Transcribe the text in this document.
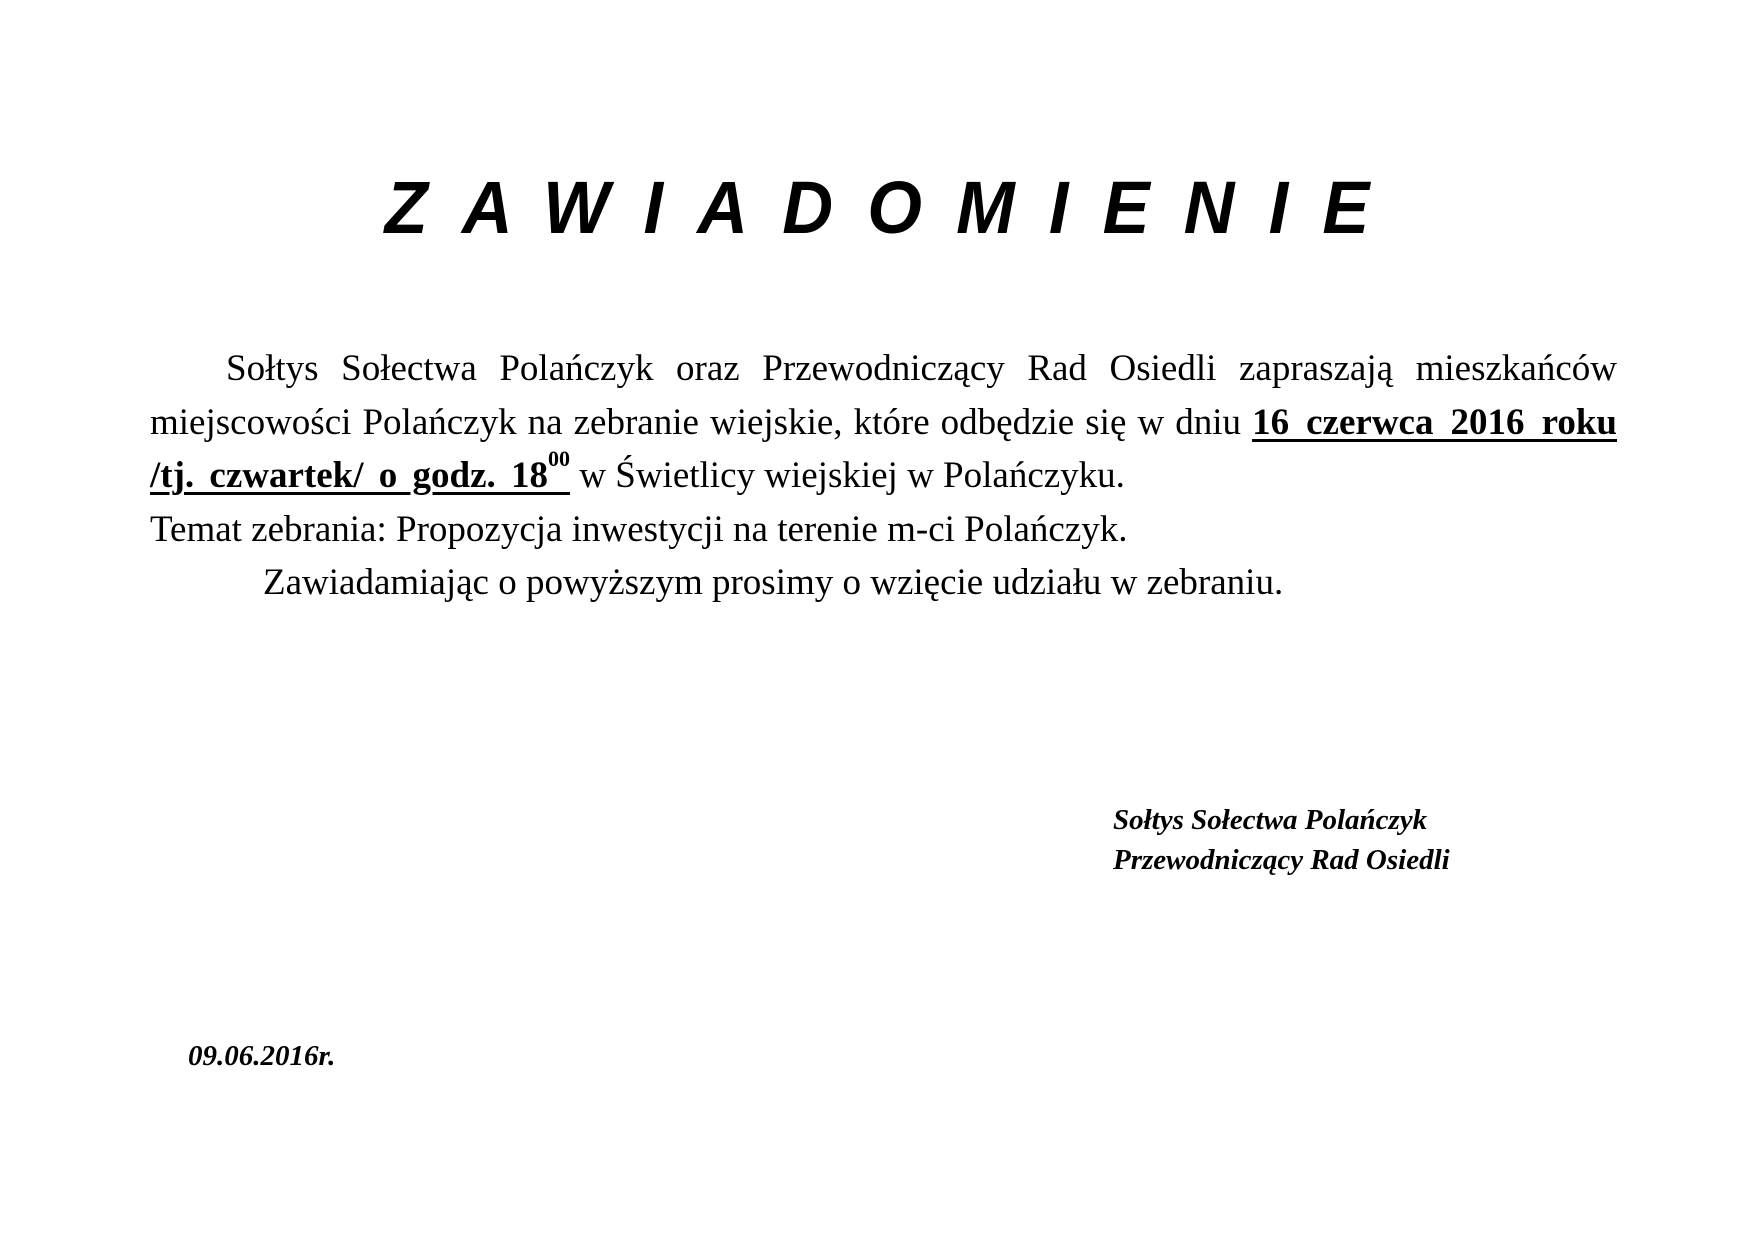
ZAWIADOMIENIE
Sołtys Sołectwa Polańczyk oraz Przewodniczący Rad Osiedli zapraszają mieszkańców miejscowości Polańczyk na zebranie wiejskie, które odbędzie się w dniu 16 czerwca 2016 roku /tj. czwartek/ o godz. $18^{00}$ w Świetlicy wiejskiej w Polańczyku.
Temat zebrania: Propozycja inwestycji na terenie m-ci Polańczyk.
Zawiadamiając o powyższym prosimy o wzięcie udziału w zebraniu.
Sołtys Sołectwa Polańczyk
Przewodniczący Rad Osiedli
09.06.2016r.
